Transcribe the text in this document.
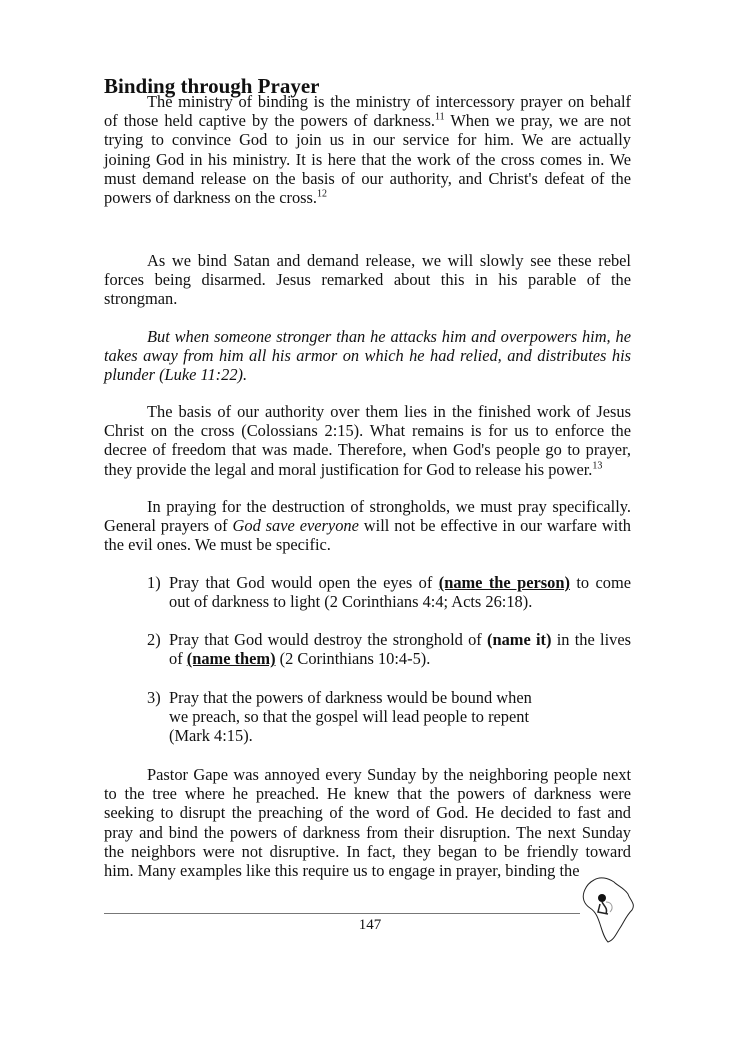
Binding through Prayer
The ministry of binding is the ministry of intercessory prayer on behalf
of those held captive by the powers of darkness.$^{11}$ When we pray, we are not
trying to convince God to join us in our service for him. We are actually
joining God in his ministry. It is here that the work of the cross comes in. We
must demand release on the basis of our authority, and Christ's defeat of the
powers of darkness on the cross.$^{12}$
As we bind Satan and demand release, we will slowly see these rebel
forces being disarmed. Jesus remarked about this in his parable of the
strongman.
But when someone stronger than he attacks him and overpowers him, he
takes away from him all his armor on which he had relied, and distributes his
plunder (Luke 11:22).
The basis of our authority over them lies in the finished work of Jesus
Christ on the cross (Colossians 2:15). What remains is for us to enforce the
decree of freedom that was made. Therefore, when God's people go to prayer,
they provide the legal and moral justification for God to release his power.$^{13}$
In praying for the destruction of strongholds, we must pray specifically.
General prayers of God save everyone will not be effective in our warfare with
the evil ones. We must be specific.
1) Pray that God would open the eyes of (name the person) to come
out of darkness to light (2 Corinthians 4:4; Acts 26:18).
2) Pray that God would destroy the stronghold of (name it) in the lives
of (name them) (2 Corinthians 10:4-5).
3) Pray that the powers of darkness would be bound when
we preach, so that the gospel will lead people to repent
(Mark 4:15).
Pastor Gape was annoyed every Sunday by the neighboring people next
to the tree where he preached. He knew that the powers of darkness were
seeking to disrupt the preaching of the word of God. He decided to fast and
pray and bind the powers of darkness from their disruption. The next Sunday
the neighbors were not disruptive. In fact, they began to be friendly toward
him. Many examples like this require us to engage in prayer, binding the
147
